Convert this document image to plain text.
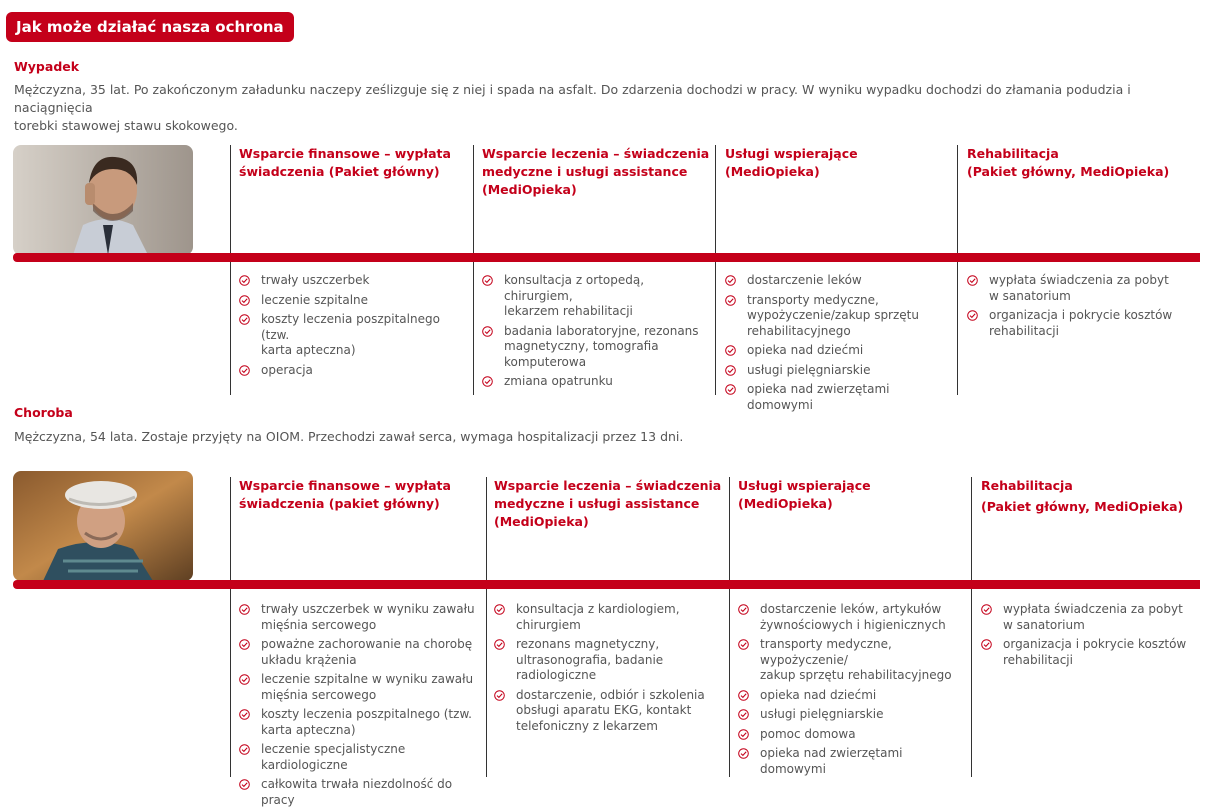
Jak może działać nasza ochrona
Wypadek
Mężczyzna, 35 lat. Po zakończonym załadunku naczepy ześlizguje się z niej i spada na asfalt. Do zdarzenia dochodzi w pracy. W wyniku wypadku dochodzi do złamania podudzia i naciągnięcia
torebki stawowej stawu skokowego.
Wsparcie finansowe – wypłata
świadczenia (Pakiet główny)
Wsparcie leczenia – świadczenia
medyczne i usługi assistance
(MediOpieka)
Usługi wspierające
(MediOpieka)
Rehabilitacja
(Pakiet główny, MediOpieka)
trwały uszczerbek
leczenie szpitalne
koszty leczenia poszpitalnego (tzw.
karta apteczna)
operacja
konsultacja z ortopedą, chirurgiem,
lekarzem rehabilitacji
badania laboratoryjne, rezonans
magnetyczny, tomografia
komputerowa
zmiana opatrunku
dostarczenie leków
transporty medyczne,
wypożyczenie/zakup sprzętu
rehabilitacyjnego
opieka nad dziećmi
usługi pielęgniarskie
opieka nad zwierzętami domowymi
wypłata świadczenia za pobyt
w sanatorium
organizacja i pokrycie kosztów
rehabilitacji
Choroba
Mężczyzna, 54 lata. Zostaje przyjęty na OIOM. Przechodzi zawał serca, wymaga hospitalizacji przez 13 dni.
Wsparcie finansowe – wypłata
świadczenia (pakiet główny)
Wsparcie leczenia – świadczenia
medyczne i usługi assistance
(MediOpieka)
Usługi wspierające
(MediOpieka)
Rehabilitacja
(Pakiet główny, MediOpieka)
trwały uszczerbek w wyniku zawału
mięśnia sercowego
poważne zachorowanie na chorobę
układu krążenia
leczenie szpitalne w wyniku zawału
mięśnia sercowego
koszty leczenia poszpitalnego (tzw.
karta apteczna)
leczenie specjalistyczne kardiologiczne
całkowita trwała niezdolność do pracy
konsultacja z kardiologiem,
chirurgiem
rezonans magnetyczny,
ultrasonografia, badanie
radiologiczne
dostarczenie, odbiór i szkolenia
obsługi aparatu EKG, kontakt
telefoniczny z lekarzem
dostarczenie leków, artykułów
żywnościowych i higienicznych
transporty medyczne, wypożyczenie/
zakup sprzętu rehabilitacyjnego
opieka nad dziećmi
usługi pielęgniarskie
pomoc domowa
opieka nad zwierzętami domowymi
wypłata świadczenia za pobyt
w sanatorium
organizacja i pokrycie kosztów
rehabilitacji
